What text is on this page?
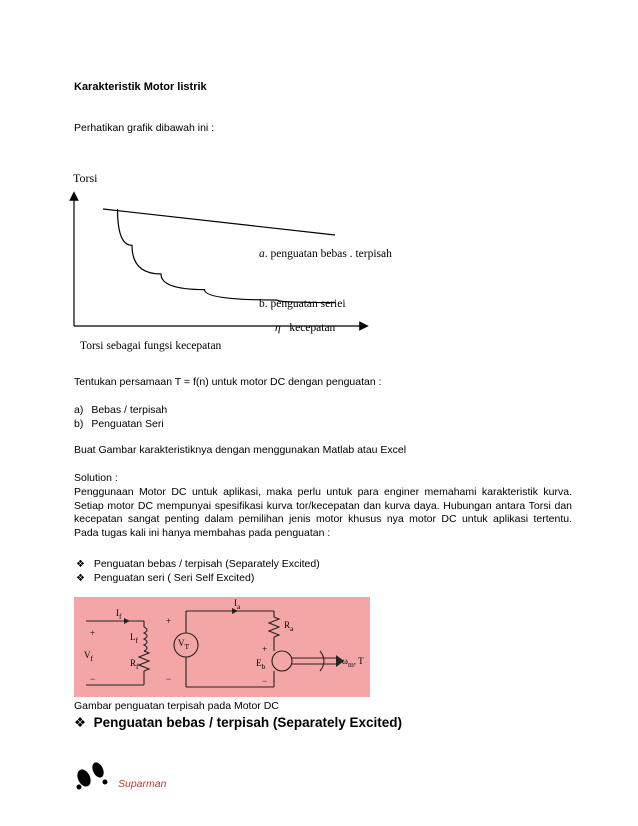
Karakteristik Motor listrik
Perhatikan grafik dibawah ini :
Torsi
a. penguatan bebas . terpisah
b. penguatan seriei
η kecepatan
Torsi sebagai fungsi kecepatan
Tentukan persamaan T = f(n) untuk motor DC dengan penguatan :
a) Bebas / terpisah
b) Penguatan Seri
Buat Gambar karakteristiknya dengan menggunakan Matlab atau Excel
Solution :
Penggunaan Motor DC untuk aplikasi, maka perlu untuk para enginer memahami karakteristik kurva.
Setiap motor DC mempunyai spesifikasi kurva tor/kecepatan dan kurva daya. Hubungan antara Torsi dan
kecepatan sangat penting dalam pemilihan jenis motor khusus nya motor DC untuk aplikasi tertentu.
Pada tugas kali ini hanya membahas pada penguatan :
❖ Penguatan bebas / terpisah (Separately Excited)
❖ Penguatan seri ( Seri Self Excited)
$I_f$
$L_f$
$R_f$
$V_f$
$V_T$
$I_a$
$R_a$
$E_b$
$\omega_m$, T
+
−
+
−
+
−
Gambar penguatan terpisah pada Motor DC
❖ Penguatan bebas / terpisah (Separately Excited)
Suparman
